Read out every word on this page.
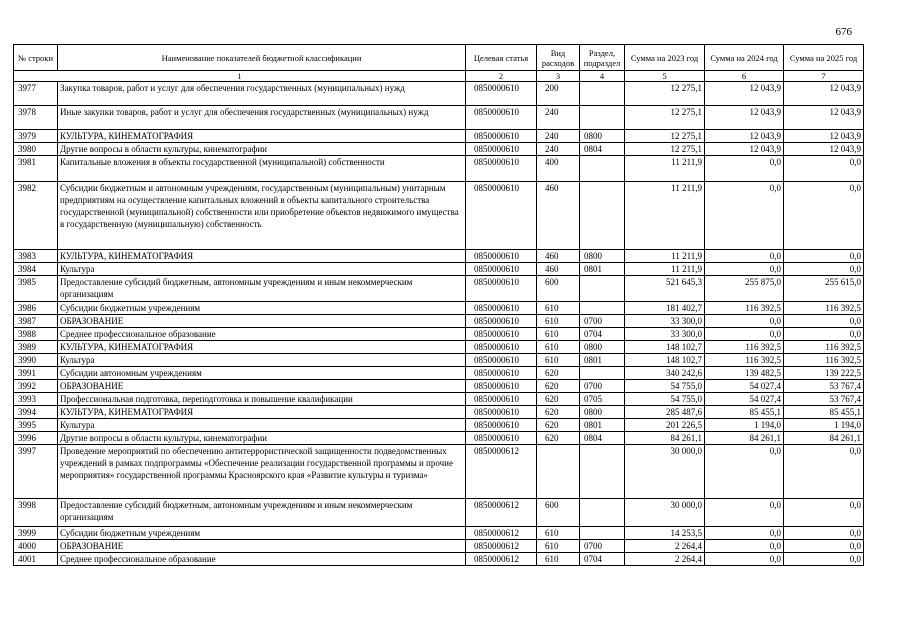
676
№ строки	Наименование показателей бюджетной классификации	Целевая статья	Вид расходов	Раздел, подраздел	Сумма на 2023 год	Сумма на 2024 год	Сумма на 2025 год
1		2	3	4	5	6	7
3977	Закупка товаров, работ и услуг для обеспечения государственных (муниципальных) нужд	0850000610	200		12 275,1	12 043,9	12 043,9
3978	Иные закупки товаров, работ и услуг для обеспечения государственных (муниципальных) нужд	0850000610	240		12 275,1	12 043,9	12 043,9
3979	КУЛЬТУРА, КИНЕМАТОГРАФИЯ	0850000610	240	0800	12 275,1	12 043,9	12 043,9
3980	Другие вопросы в области культуры, кинематографии	0850000610	240	0804	12 275,1	12 043,9	12 043,9
3981	Капитальные вложения в объекты государственной (муниципальной) собственности	0850000610	400		11 211,9	0,0	0,0
3982	Субсидии бюджетным и автономным учреждениям, государственным (муниципальным) унитарным предприятиям на осуществление капитальных вложений в объекты капитального строительства государственной (муниципальной) собственности или приобретение объектов недвижимого имущества в государственную (муниципальную) собственность	0850000610	460		11 211,9	0,0	0,0
3983	КУЛЬТУРА, КИНЕМАТОГРАФИЯ	0850000610	460	0800	11 211,9	0,0	0,0
3984	Культура	0850000610	460	0801	11 211,9	0,0	0,0
3985	Предоставление субсидий бюджетным, автономным учреждениям и иным некоммерческим организациям	0850000610	600		521 645,3	255 875,0	255 615,0
3986	Субсидии бюджетным учреждениям	0850000610	610		181 402,7	116 392,5	116 392,5
3987	ОБРАЗОВАНИЕ	0850000610	610	0700	33 300,0	0,0	0,0
3988	Среднее профессиональное образование	0850000610	610	0704	33 300,0	0,0	0,0
3989	КУЛЬТУРА, КИНЕМАТОГРАФИЯ	0850000610	610	0800	148 102,7	116 392,5	116 392,5
3990	Культура	0850000610	610	0801	148 102,7	116 392,5	116 392,5
3991	Субсидии автономным учреждениям	0850000610	620		340 242,6	139 482,5	139 222,5
3992	ОБРАЗОВАНИЕ	0850000610	620	0700	54 755,0	54 027,4	53 767,4
3993	Профессиональная подготовка, переподготовка и повышение квалификации	0850000610	620	0705	54 755,0	54 027,4	53 767,4
3994	КУЛЬТУРА, КИНЕМАТОГРАФИЯ	0850000610	620	0800	285 487,6	85 455,1	85 455,1
3995	Культура	0850000610	620	0801	201 226,5	1 194,0	1 194,0
3996	Другие вопросы в области культуры, кинематографии	0850000610	620	0804	84 261,1	84 261,1	84 261,1
3997	Проведение мероприятий по обеспечению антитеррористической защищенности подведомственных учреждений в рамках подпрограммы «Обеспечение реализации государственной программы и прочие мероприятия» государственной программы Красноярского края «Развитие культуры и туризма»	0850000612			30 000,0	0,0	0,0
3998	Предоставление субсидий бюджетным, автономным учреждениям и иным некоммерческим организациям	0850000612	600		30 000,0	0,0	0,0
3999	Субсидии бюджетным учреждениям	0850000612	610		14 253,5	0,0	0,0
4000	ОБРАЗОВАНИЕ	0850000612	610	0700	2 264,4	0,0	0,0
4001	Среднее профессиональное образование	0850000612	610	0704	2 264,4	0,0	0,0
